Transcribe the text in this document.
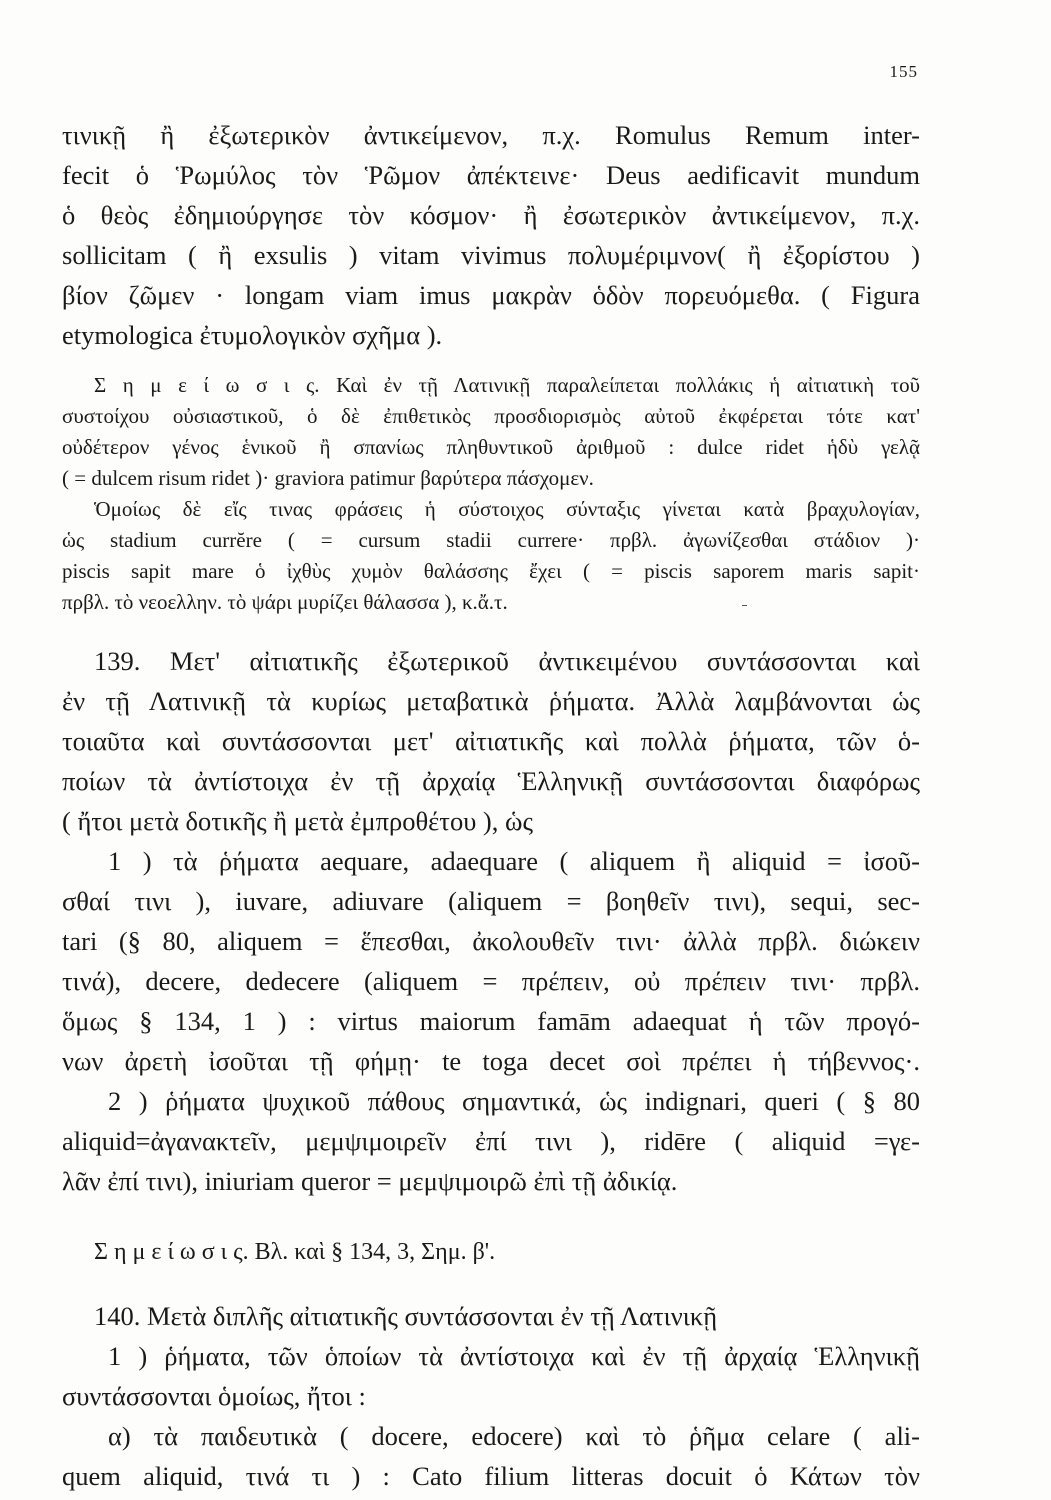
155
τινικῇ ἢ ἐξωτερικὸν ἀντικείμενον, π.χ. Romulus Remum inter-
fecit ὁ Ῥωμύλος τὸν Ῥῶμον ἀπέκτεινε· Deus aedificavit mundum
ὁ θεὸς ἐδημιούργησε τὸν κόσμον· ἢ ἐσωτερικὸν ἀντικείμενον, π.χ.
sollicitam ( ἢ exsulis ) vitam vivimus πολυμέριμνον( ἢ ἐξορίστου )
βίον ζῶμεν · longam viam imus μακρὰν ὁδὸν πορευόμεθα. ( Figura
etymologica ἐτυμολογικὸν σχῆμα ).
Σ η μ ε ί ω σ ι ς. Καὶ ἐν τῇ Λατινικῇ παραλείπεται πολλάκις ἡ αἰτιατικὴ τοῦ
συστοίχου οὐσιαστικοῦ, ὁ δὲ ἐπιθετικὸς προσδιορισμὸς αὐτοῦ ἐκφέρεται τότε κατ'
οὐδέτερον γένος ἑνικοῦ ἢ σπανίως πληθυντικοῦ ἀριθμοῦ : dulce ridet ἡδὺ γελᾷ
( = dulcem risum ridet )· graviora patimur βαρύτερα πάσχομεν.
Ὁμοίως δὲ εἴς τινας φράσεις ἡ σύστοιχος σύνταξις γίνεται κατὰ βραχυλογίαν,
ὡς stadium currĕre ( = cursum stadii currere· πρβλ. ἀγωνίζεσθαι στάδιον )·
piscis sapit mare ὁ ἰχθὺς χυμὸν θαλάσσης ἔχει ( = piscis saporem maris sapit·
πρβλ. τὸ νεοελλην. τὸ ψάρι μυρίζει θάλασσα ), κ.ἄ.τ.
139. Μετ' αἰτιατικῆς ἐξωτερικοῦ ἀντικειμένου συντάσσονται καὶ
ἐν τῇ Λατινικῇ τὰ κυρίως μεταβατικὰ ῥήματα. Ἀλλὰ λαμβάνονται ὡς
τοιαῦτα καὶ συντάσσονται μετ' αἰτιατικῆς καὶ πολλὰ ῥήματα, τῶν ὁ-
ποίων τὰ ἀντίστοιχα ἐν τῇ ἀρχαίᾳ Ἑλληνικῇ συντάσσονται διαφόρως
( ἤτοι μετὰ δοτικῆς ἢ μετὰ ἐμπροθέτου ), ὡς
1 ) τὰ ῥήματα aequare, adaequare ( aliquem ἢ aliquid = ἰσοῦ-
σθαί τινι ), iuvare, adiuvare (aliquem = βοηθεῖν τινι), sequi, sec-
tari (§ 80, aliquem = ἕπεσθαι, ἀκολουθεῖν τινι· ἀλλὰ πρβλ. διώκειν
τινά), decere, dedecere (aliquem = πρέπειν, οὐ πρέπειν τινι· πρβλ.
ὅμως § 134, 1 ) : virtus maiorum famām adaequat ἡ τῶν προγό-
νων ἀρετὴ ἰσοῦται τῇ φήμῃ· te toga decet σοὶ πρέπει ἡ τήβεννος·.
2 ) ῥήματα ψυχικοῦ πάθους σημαντικά, ὡς indignari, queri ( § 80
aliquid=ἀγανακτεῖν, μεμψιμοιρεῖν ἐπί τινι ), ridēre ( aliquid =γε-
λᾶν ἐπί τινι), iniuriam queror = μεμψιμοιρῶ ἐπὶ τῇ ἀδικίᾳ.
Σ η μ ε ί ω σ ι ς. Βλ. καὶ § 134, 3, Σημ. β'.
140. Μετὰ διπλῆς αἰτιατικῆς συντάσσονται ἐν τῇ Λατινικῇ
1 ) ῥήματα, τῶν ὁποίων τὰ ἀντίστοιχα καὶ ἐν τῇ ἀρχαίᾳ Ἑλληνικῇ
συντάσσονται ὁμοίως, ἤτοι :
α) τὰ παιδευτικὰ ( docere, edocere) καὶ τὸ ῥῆμα celare ( ali-
quem aliquid, τινά τι ) : Cato filium litteras docuit ὁ Κάτων τὸν
